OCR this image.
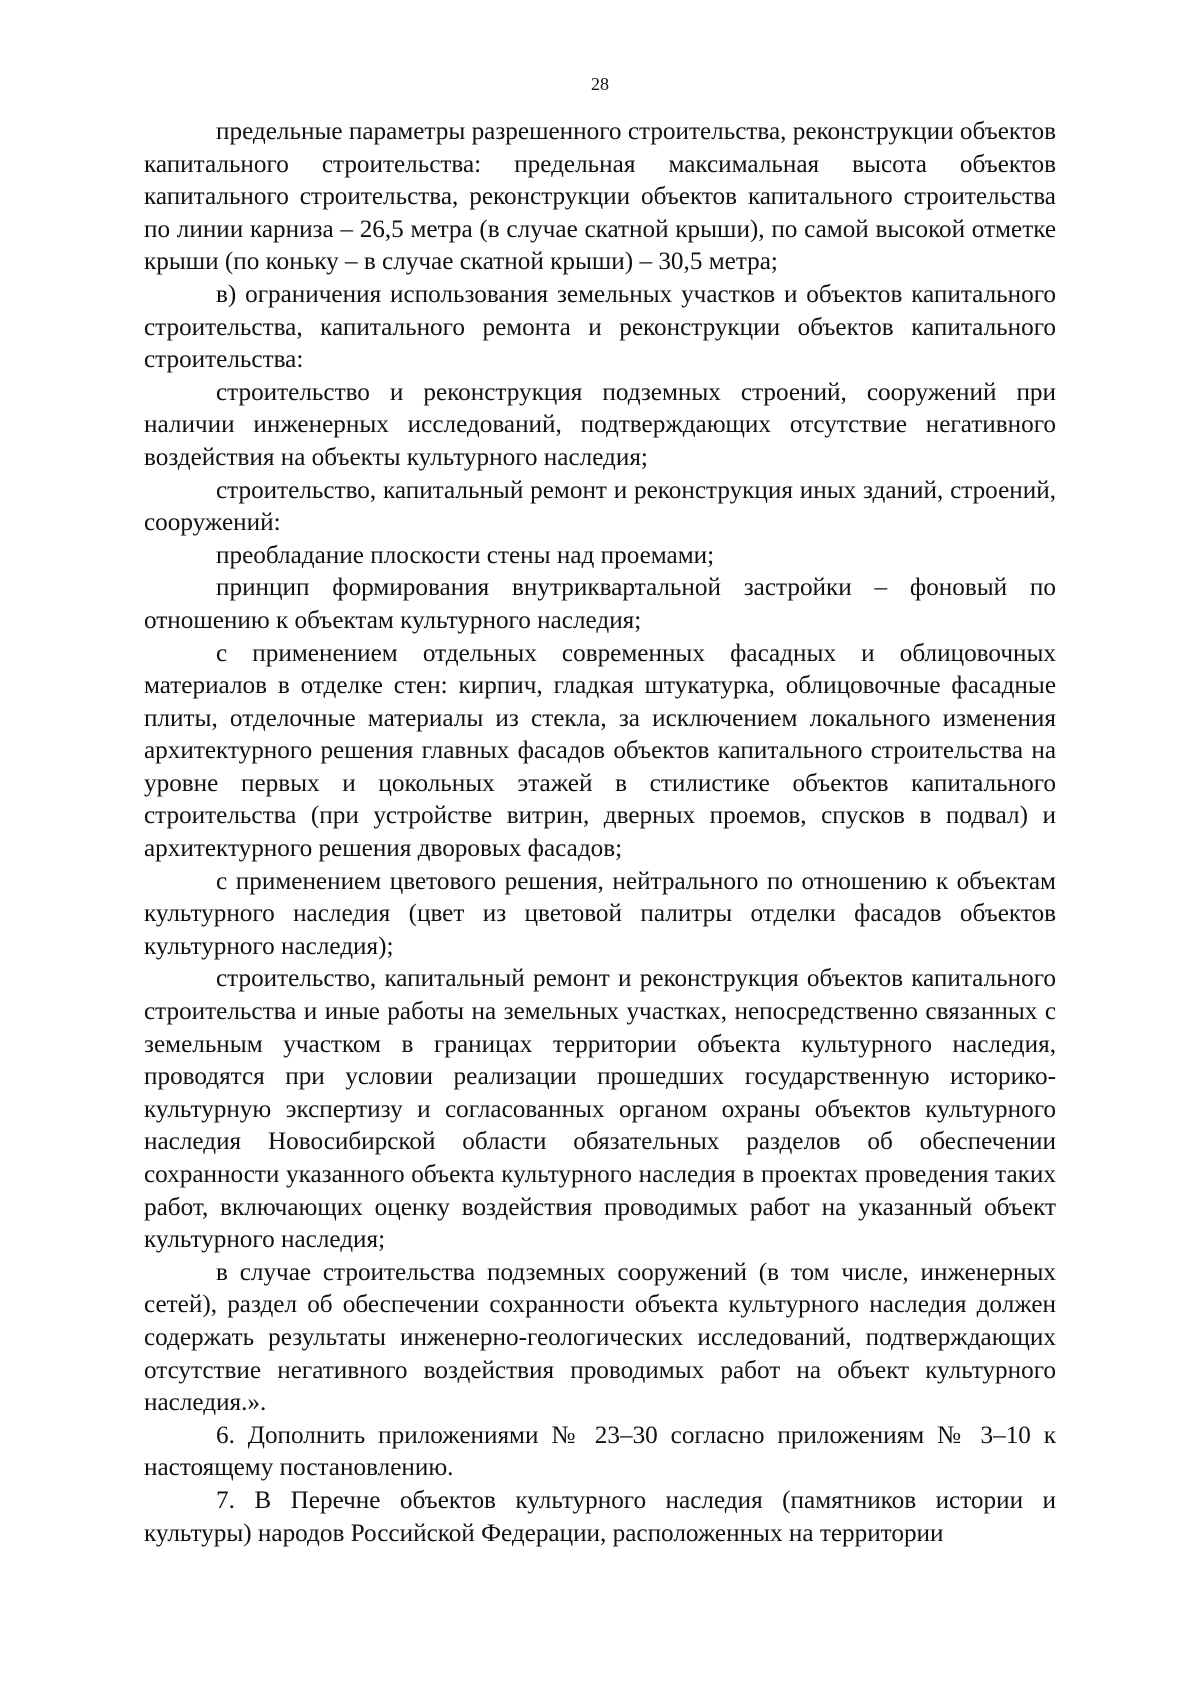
28

предельные параметры разрешенного строительства, реконструкции объектов капитального строительства: предельная максимальная высота объектов капитального строительства, реконструкции объектов капитального строительства по линии карниза – 26,5 метра (в случае скатной крыши), по самой высокой отметке крыши (по коньку – в случае скатной крыши) – 30,5 метра;

в) ограничения использования земельных участков и объектов капитального строительства, капитального ремонта и реконструкции объектов капитального строительства:

строительство и реконструкция подземных строений, сооружений при наличии инженерных исследований, подтверждающих отсутствие негативного воздействия на объекты культурного наследия;

строительство, капитальный ремонт и реконструкция иных зданий, строений, сооружений:

преобладание плоскости стены над проемами;

принцип формирования внутриквартальной застройки – фоновый по отношению к объектам культурного наследия;

с применением отдельных современных фасадных и облицовочных материалов в отделке стен: кирпич, гладкая штукатурка, облицовочные фасадные плиты, отделочные материалы из стекла, за исключением локального изменения архитектурного решения главных фасадов объектов капитального строительства на уровне первых и цокольных этажей в стилистике объектов капитального строительства (при устройстве витрин, дверных проемов, спусков в подвал) и архитектурного решения дворовых фасадов;

с применением цветового решения, нейтрального по отношению к объектам культурного наследия (цвет из цветовой палитры отделки фасадов объектов культурного наследия);

строительство, капитальный ремонт и реконструкция объектов капитального строительства и иные работы на земельных участках, непосредственно связанных с земельным участком в границах территории объекта культурного наследия, проводятся при условии реализации прошедших государственную историко-культурную экспертизу и согласованных органом охраны объектов культурного наследия Новосибирской области обязательных разделов об обеспечении сохранности указанного объекта культурного наследия в проектах проведения таких работ, включающих оценку воздействия проводимых работ на указанный объект культурного наследия;

в случае строительства подземных сооружений (в том числе, инженерных сетей), раздел об обеспечении сохранности объекта культурного наследия должен содержать результаты инженерно-геологических исследований, подтверждающих отсутствие негативного воздействия проводимых работ на объект культурного наследия.».

6. Дополнить приложениями № 23–30 согласно приложениям № 3–10 к настоящему постановлению.

7. В Перечне объектов культурного наследия (памятников истории и культуры) народов Российской Федерации, расположенных на территории
